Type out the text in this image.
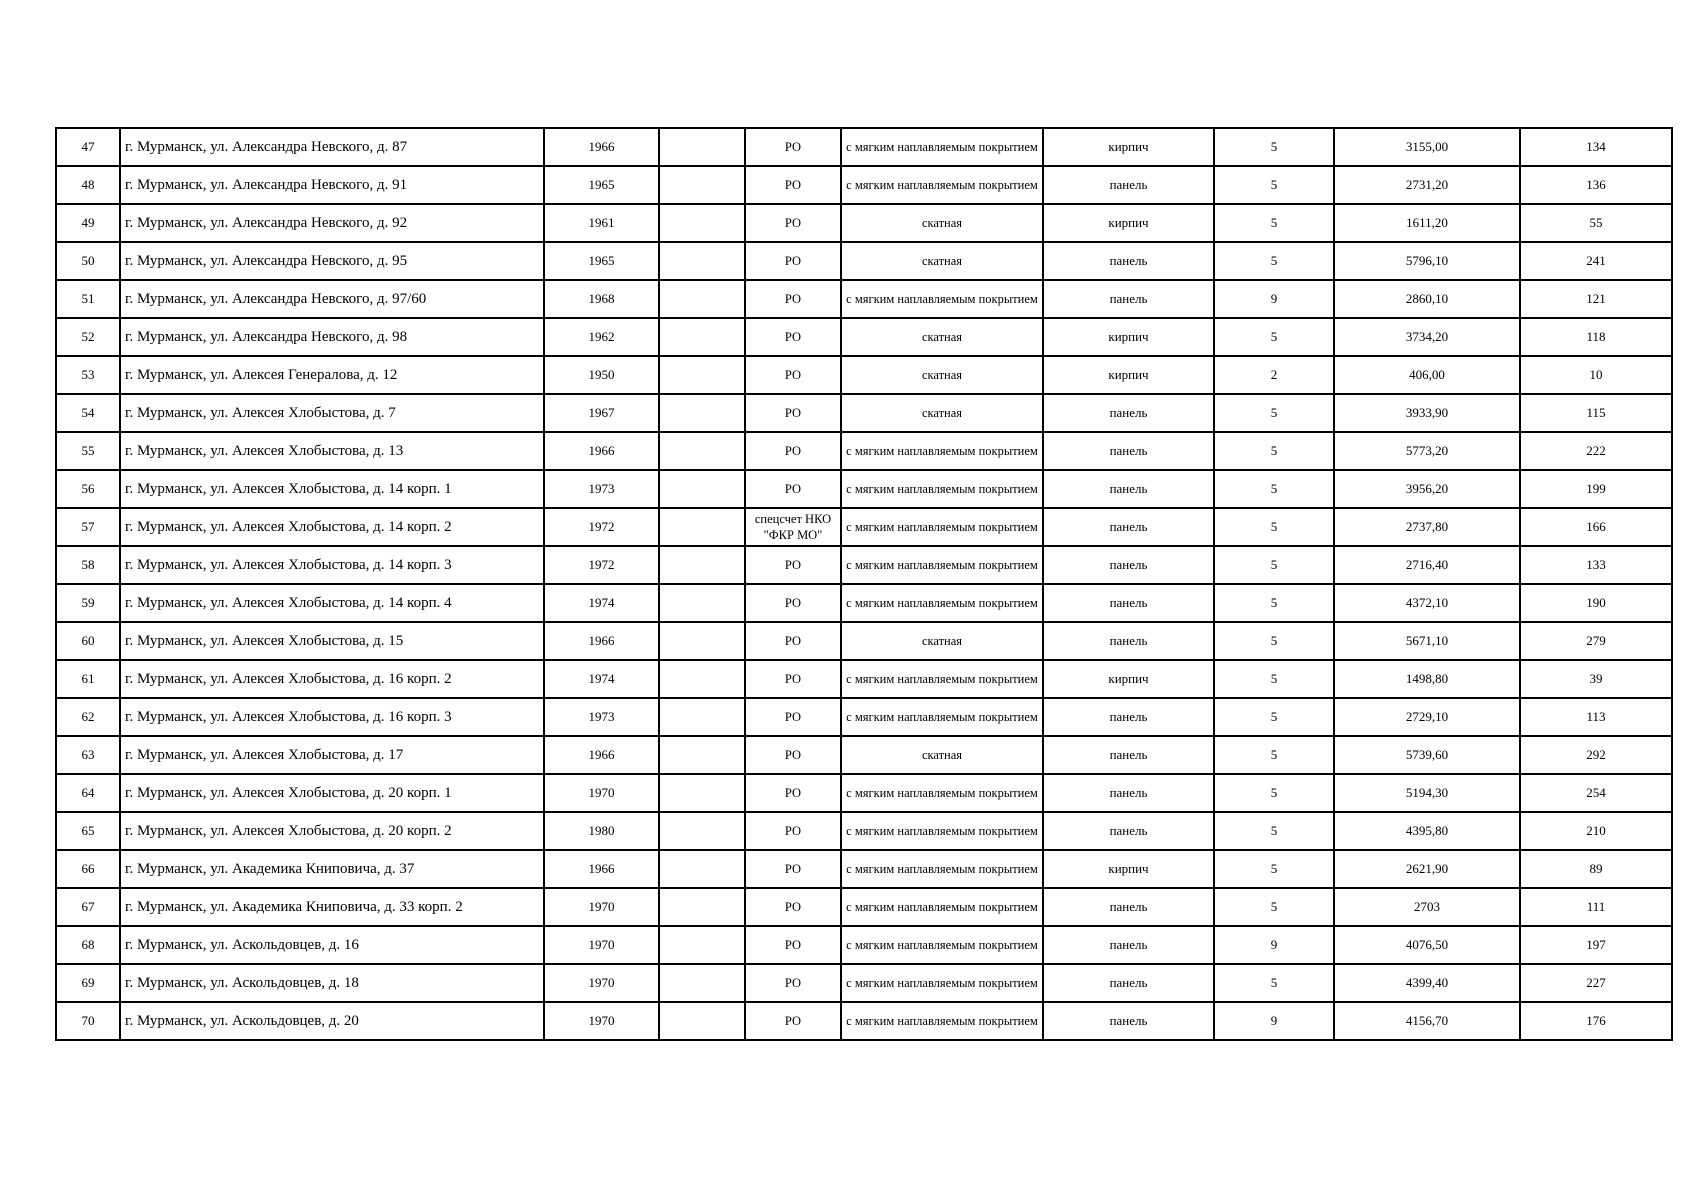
47	г. Мурманск, ул. Александра Невского, д. 87	1966		РО	с мягким наплавляемым покрытием	кирпич	5	3155,00	134
48	г. Мурманск, ул. Александра Невского, д. 91	1965		РО	с мягким наплавляемым покрытием	панель	5	2731,20	136
49	г. Мурманск, ул. Александра Невского, д. 92	1961		РО	скатная	кирпич	5	1611,20	55
50	г. Мурманск, ул. Александра Невского, д. 95	1965		РО	скатная	панель	5	5796,10	241
51	г. Мурманск, ул. Александра Невского, д. 97/60	1968		РО	с мягким наплавляемым покрытием	панель	9	2860,10	121
52	г. Мурманск, ул. Александра Невского, д. 98	1962		РО	скатная	кирпич	5	3734,20	118
53	г. Мурманск, ул. Алексея Генералова, д. 12	1950		РО	скатная	кирпич	2	406,00	10
54	г. Мурманск, ул. Алексея Хлобыстова, д. 7	1967		РО	скатная	панель	5	3933,90	115
55	г. Мурманск, ул. Алексея Хлобыстова, д. 13	1966		РО	с мягким наплавляемым покрытием	панель	5	5773,20	222
56	г. Мурманск, ул. Алексея Хлобыстова, д. 14 корп. 1	1973		РО	с мягким наплавляемым покрытием	панель	5	3956,20	199
57	г. Мурманск, ул. Алексея Хлобыстова, д. 14 корп. 2	1972		спецсчет НКО "ФКР МО"	с мягким наплавляемым покрытием	панель	5	2737,80	166
58	г. Мурманск, ул. Алексея Хлобыстова, д. 14 корп. 3	1972		РО	с мягким наплавляемым покрытием	панель	5	2716,40	133
59	г. Мурманск, ул. Алексея Хлобыстова, д. 14 корп. 4	1974		РО	с мягким наплавляемым покрытием	панель	5	4372,10	190
60	г. Мурманск, ул. Алексея Хлобыстова, д. 15	1966		РО	скатная	панель	5	5671,10	279
61	г. Мурманск, ул. Алексея Хлобыстова, д. 16 корп. 2	1974		РО	с мягким наплавляемым покрытием	кирпич	5	1498,80	39
62	г. Мурманск, ул. Алексея Хлобыстова, д. 16 корп. 3	1973		РО	с мягким наплавляемым покрытием	панель	5	2729,10	113
63	г. Мурманск, ул. Алексея Хлобыстова, д. 17	1966		РО	скатная	панель	5	5739,60	292
64	г. Мурманск, ул. Алексея Хлобыстова, д. 20 корп. 1	1970		РО	с мягким наплавляемым покрытием	панель	5	5194,30	254
65	г. Мурманск, ул. Алексея Хлобыстова, д. 20 корп. 2	1980		РО	с мягким наплавляемым покрытием	панель	5	4395,80	210
66	г. Мурманск, ул. Академика Книповича, д. 37	1966		РО	с мягким наплавляемым покрытием	кирпич	5	2621,90	89
67	г. Мурманск, ул. Академика Книповича, д. 33 корп. 2	1970		РО	с мягким наплавляемым покрытием	панель	5	2703	111
68	г. Мурманск, ул. Аскольдовцев, д. 16	1970		РО	с мягким наплавляемым покрытием	панель	9	4076,50	197
69	г. Мурманск, ул. Аскольдовцев, д. 18	1970		РО	с мягким наплавляемым покрытием	панель	5	4399,40	227
70	г. Мурманск, ул. Аскольдовцев, д. 20	1970		РО	с мягким наплавляемым покрытием	панель	9	4156,70	176
